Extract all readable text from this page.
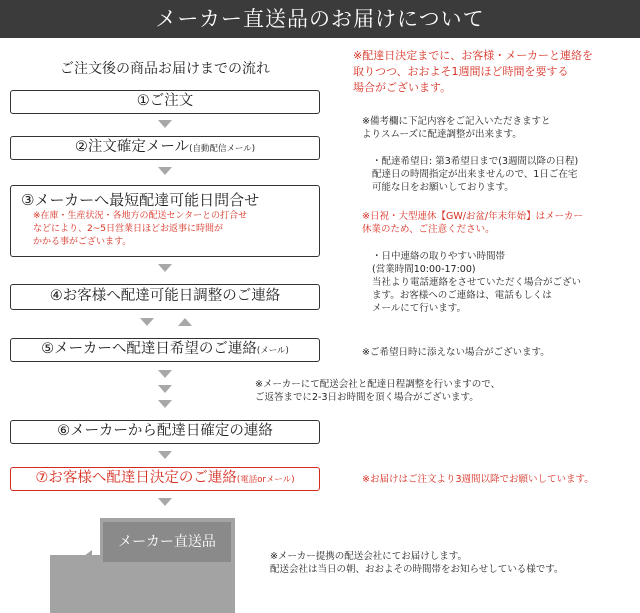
メーカー直送品のお届けについて
ご注文後の商品お届けまでの流れ
①ご注文
②注文確定メール(自動配信メール)
③メーカーへ最短配達可能日問合せ
※在庫・生産状況・各地方の配送センターとの打合せ
などにより、2~5日営業日ほどお返事に時間が
かかる事がございます。
④お客様へ配達可能日調整のご連絡
⑤メーカーへ配達日希望のご連絡(メール)
⑥メーカーから配達日確定の連絡
⑦お客様へ配達日決定のご連絡(電話orメール)
※配達日決定までに、お客様・メーカーと連絡を
取りつつ、おおよそ1週間ほど時間を要する
場合がございます。
※備考欄に下記内容をご記入いただきますと
よりスムーズに配達調整が出来ます。
・配達希望日: 第3希望日まで(3週間以降の日程)
配達日の時間指定が出来ませんので、1日ご在宅
可能な日をお願いしております。
※日祝・大型連休【GW/お盆/年末年始】はメーカー
休業のため、ご注意ください。
・日中連絡の取りやすい時間帯
(営業時間10:00-17:00)
当社より電話連絡をさせていただく場合がござい
ます。お客様へのご連絡は、電話もしくは
メールにて行います。
※ご希望日時に添えない場合がございます。
※メーカーにて配送会社と配達日程調整を行いますので、
ご返答までに2-3日お時間を頂く場合がございます。
※お届けはご注文より3週間以降でお願いしています。
※メーカー提携の配送会社にてお届けします。
配送会社は当日の朝、おおよその時間帯をお知らせしている様です。
メーカー直送品
